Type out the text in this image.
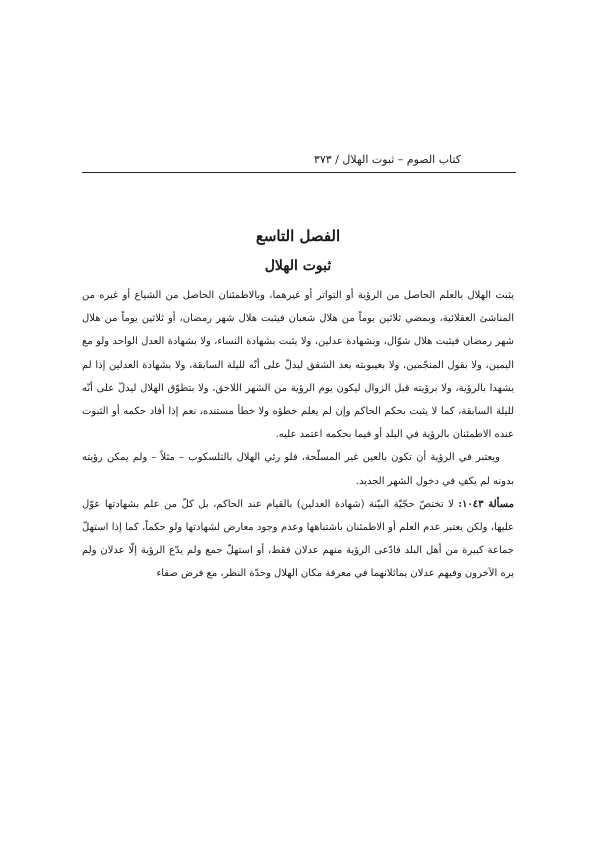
كتاب الصوم – ثبوت الهلال / ٣٧٣
الفصل التاسع
ثبوت الهلال

يثبت الهلال بالعلم الحاصل من الرؤية أو التواتر أو غيرهما، وبالاطمئنان الحاصل من الشياع أو غيره من المناشئ العقلائية، وبمضي ثلاثين يوماً من هلال شعبان فيثبت هلال شهر رمضان، أو ثلاثين يوماً من هلال شهر رمضان فيثبت هلال شوّال، وبشهادة عدلين، ولا يثبت بشهادة النساء، ولا بشهادة العدل الواحد ولو مع اليمين، ولا بقول المنجّمين، ولا بغيبوبته بعد الشفق ليدلّ على أنّه لليلة السابقة، ولا بشهادة العدلين إذا لم يشهدا بالرؤية، ولا برؤيته قبل الزوال ليكون يوم الرؤية من الشهر اللاحق، ولا بتطوّق الهلال ليدلّ على أنّه لليلة السابقة، كما لا يثبت بحكم الحاكم وإن لم يعلم خطؤه ولا خطأ مستنده، نعم إذا أفاد حكمه أو الثبوت عنده الاطمئنان بالرؤية في البلد أو فيما بحكمه اعتمد عليه.

ويعتبر في الرؤية أن تكون بالعين غير المسلّحة، فلو رئي الهلال بالتلسكوب – مثلاً – ولم يمكن رؤيته بدونه لم يكفِ في دخول الشهر الجديد.

مسألة ١٠٤٣: لا تختصّ حجّيّة البيّنة (شهادة العدلين) بالقيام عند الحاكم، بل كلّ من علم بشهادتها عوّل عليها، ولكن يعتبر عدم العلم أو الاطمئنان باشتباهها وعدم وجود معارض لشهادتها ولو حكماً، كما إذا استهلّ جماعة كبيرة من أهل البلد فادّعى الرؤية منهم عدلان فقط، أو استهلّ جمع ولم يدّع الرؤية إلّا عدلان ولم يره الآخرون وفيهم عدلان يماثلانهما في معرفة مكان الهلال وحدّة النظر، مع فرض صفاء
